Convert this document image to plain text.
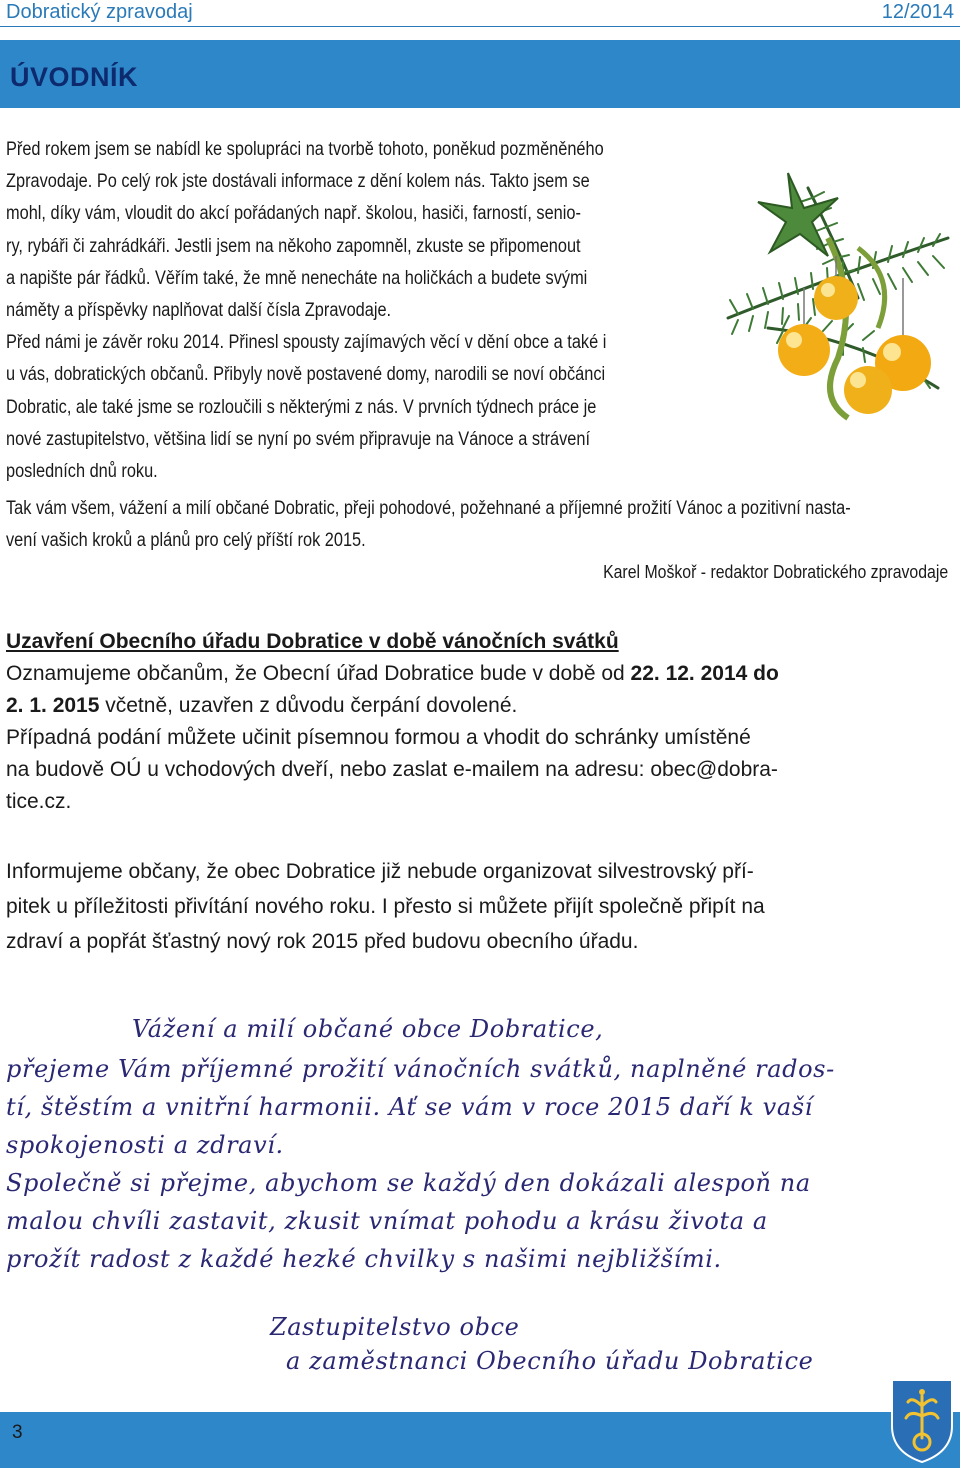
Dobratický zpravodaj	12/2014
ÚVODNÍK

Před rokem jsem se nabídl ke spolupráci na tvorbě tohoto, poněkud pozměněného

Zpravodaje. Po celý rok jste dostávali informace z dění kolem nás. Takto jsem se

mohl, díky vám, vloudit do akcí pořádaných např. školou, hasiči, farností, senio-

ry, rybáři či zahrádkáři. Jestli jsem na někoho zapomněl, zkuste se připomenout

a napište pár řádků. Věřím také, že mně nenecháte na holičkách a budete svými

náměty a příspěvky naplňovat další čísla Zpravodaje.

Před námi je závěr roku 2014. Přinesl spousty zajímavých věcí v dění obce a také i

u vás, dobratických občanů. Přibyly nově postavené domy, narodili se noví občánci

Dobratic, ale také jsme se rozloučili s některými z nás. V prvních týdnech práce je

nové zastupitelstvo, většina lidí se nyní po svém připravuje na Vánoce a strávení

posledních dnů roku.

Tak vám všem, vážení a milí občané Dobratic, přeji pohodové, požehnané a příjemné prožití Vánoc a pozitivní nasta-

vení vašich kroků a plánů pro celý příští rok 2015.

Karel Moškoř - redaktor Dobratického zpravodaje

Uzavření Obecního úřadu Dobratice v době vánočních svátků

Oznamujeme občanům, že Obecní úřad Dobratice bude v době od 22. 12. 2014 do
2. 1. 2015 včetně, uzavřen z důvodu čerpání dovolené.

Případná podání můžete učinit písemnou formou a vhodit do schránky umístěné

na budově OÚ u vchodových dveří, nebo zaslat e-mailem na adresu: obec@dobra-

tice.cz.

Informujeme občany, že obec Dobratice již nebude organizovat silvestrovský pří-
pitek u příležitosti přivítání nového roku. I přesto si můžete přijít společně připít na
zdraví a popřát šťastný nový rok 2015 před budovu obecního úřadu.

Vážení a milí občané obce Dobratice,

přejeme Vám příjemné prožití vánočních svátků, naplněné rados-

tí, štěstím a vnitřní harmonii. Ať se vám v roce 2015 daří k vaší

spokojenosti a zdraví.

Společně si přejme, abychom se každý den dokázali alespoň na

malou chvíli zastavit, zkusit vnímat pohodu a krásu života a

prožít radost z každé hezké chvilky s našimi nejbližšími.

Zastupitelstvo obce
a zaměstnanci Obecního úřadu Dobratice
3
